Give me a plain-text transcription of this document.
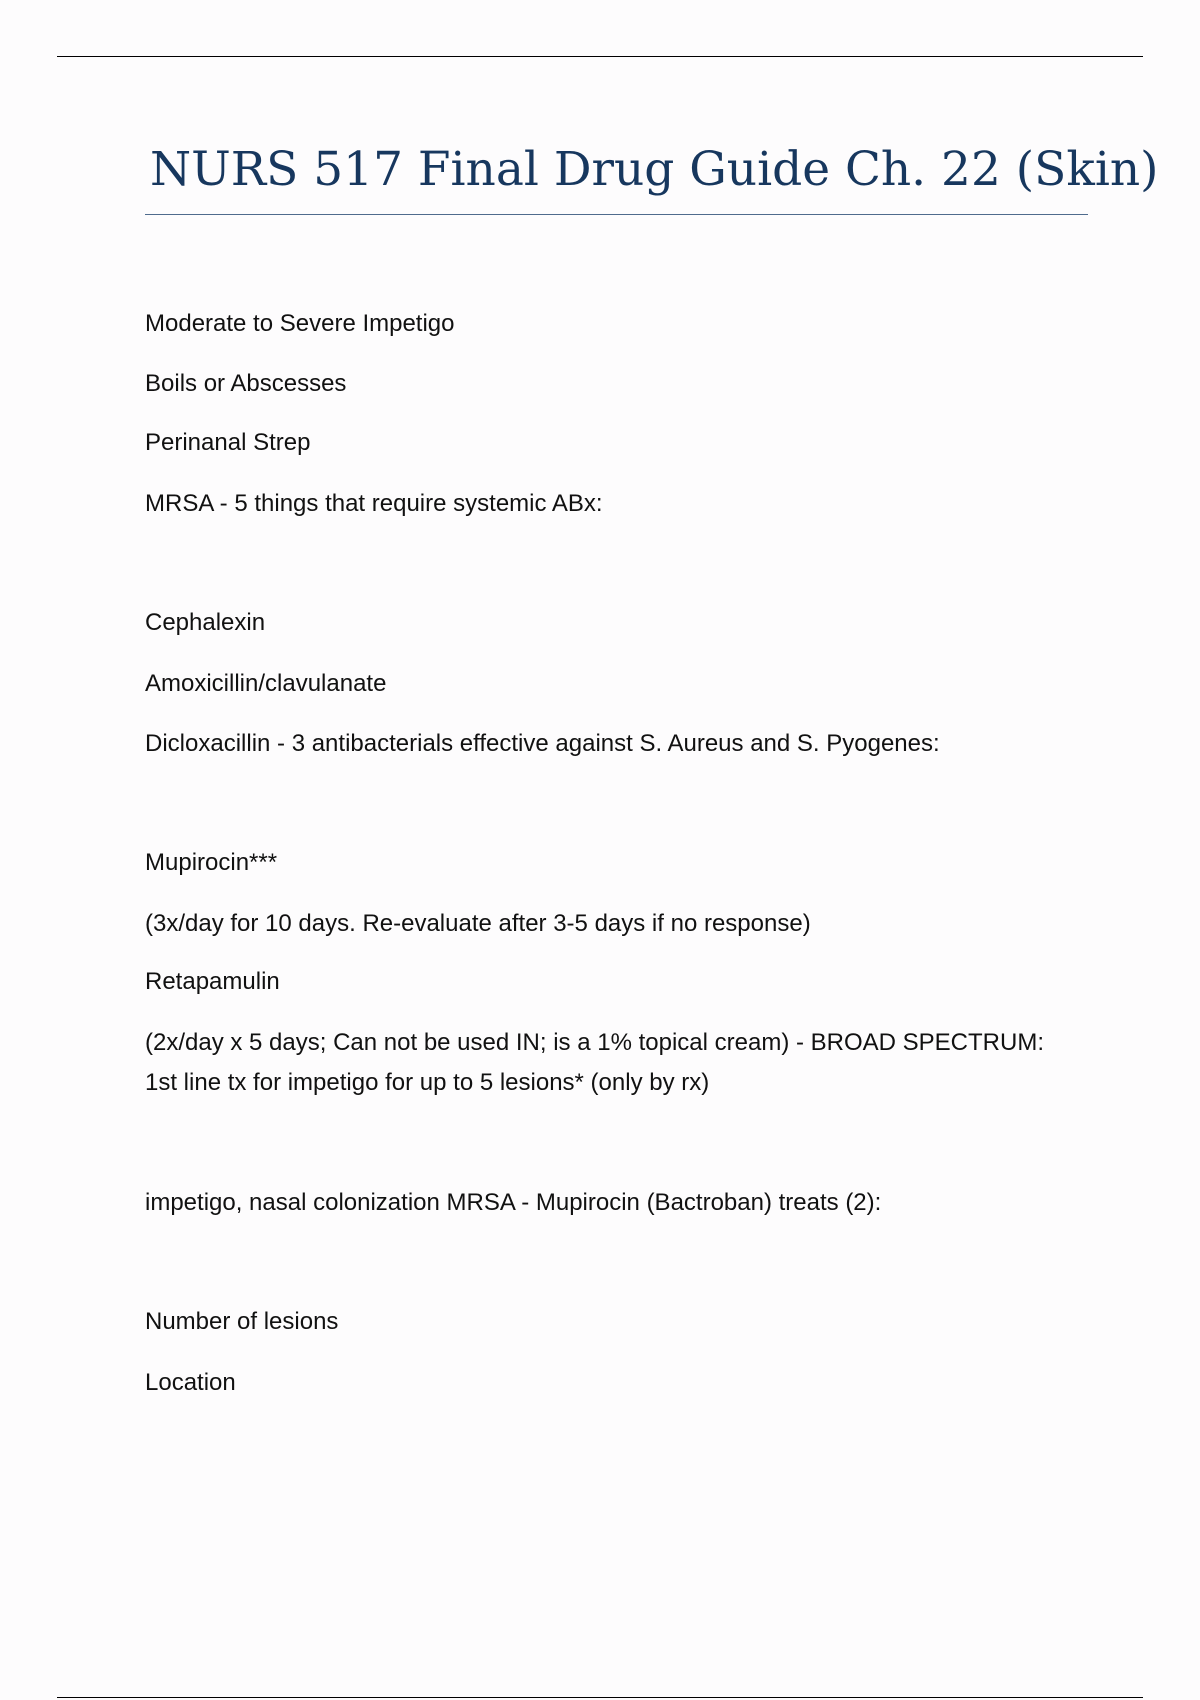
NURS 517 Final Drug Guide Ch. 22 (Skin)

Moderate to Severe Impetigo

Boils or Abscesses

Perinanal Strep

MRSA - 5 things that require systemic ABx:

Cephalexin

Amoxicillin/clavulanate

Dicloxacillin - 3 antibacterials effective against S. Aureus and S. Pyogenes:

Mupirocin***

(3x/day for 10 days. Re-evaluate after 3-5 days if no response)

Retapamulin

(2x/day x 5 days; Can not be used IN; is a 1% topical cream) - BROAD SPECTRUM:

1st line tx for impetigo for up to 5 lesions* (only by rx)

impetigo, nasal colonization MRSA - Mupirocin (Bactroban) treats (2):

Number of lesions

Location
